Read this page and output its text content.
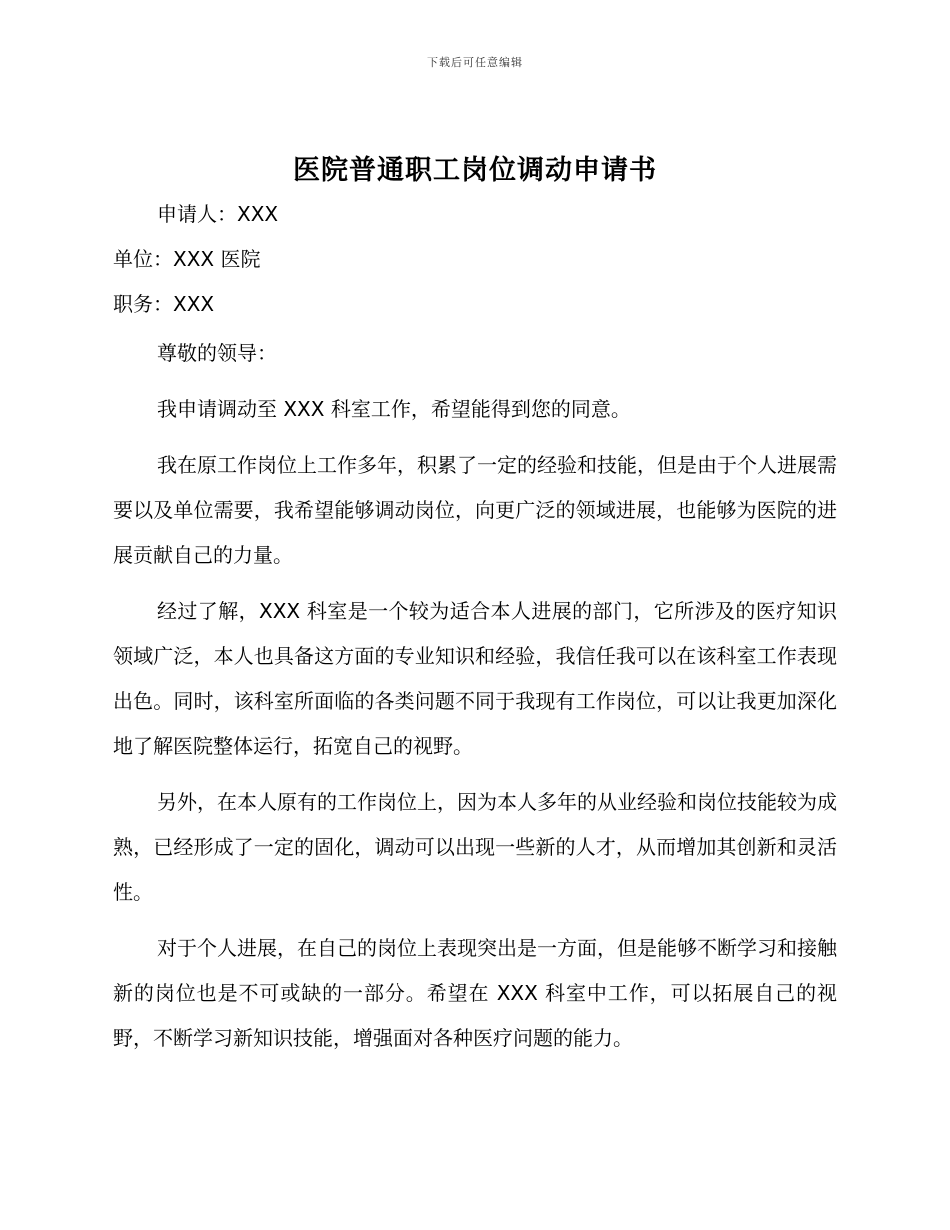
下载后可任意编辑
医院普通职工岗位调动申请书

申请人：XXX

单位：XXX 医院

职务：XXX

尊敬的领导：

我申请调动至 XXX 科室工作，希望能得到您的同意。

我在原工作岗位上工作多年，积累了一定的经验和技能，但是由于个人进展需要以及单位需要，我希望能够调动岗位，向更广泛的领域进展，也能够为医院的进展贡献自己的力量。

经过了解，XXX 科室是一个较为适合本人进展的部门，它所涉及的医疗知识领域广泛，本人也具备这方面的专业知识和经验，我信任我可以在该科室工作表现出色。同时，该科室所面临的各类问题不同于我现有工作岗位，可以让我更加深化地了解医院整体运行，拓宽自己的视野。

另外，在本人原有的工作岗位上，因为本人多年的从业经验和岗位技能较为成熟，已经形成了一定的固化，调动可以出现一些新的人才，从而增加其创新和灵活性。

对于个人进展，在自己的岗位上表现突出是一方面，但是能够不断学习和接触新的岗位也是不可或缺的一部分。希望在 XXX 科室中工作，可以拓展自己的视野，不断学习新知识技能，增强面对各种医疗问题的能力。
